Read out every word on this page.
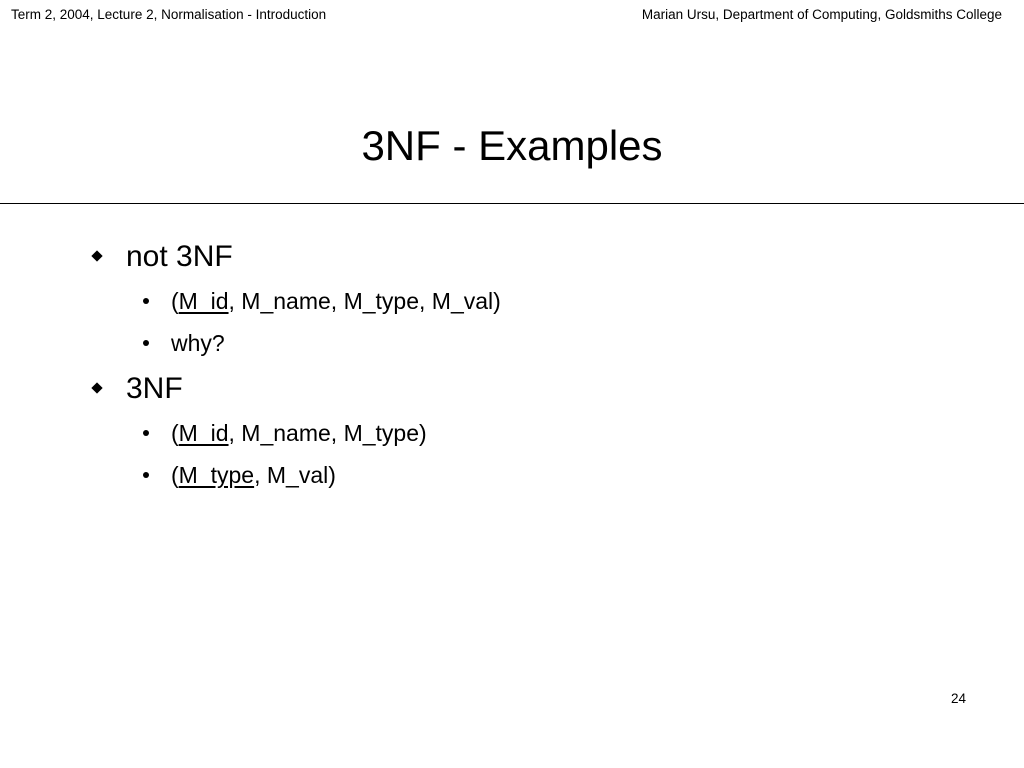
Term 2, 2004, Lecture 2, Normalisation - Introduction	Marian Ursu, Department of Computing, Goldsmiths College
3NF - Examples
not 3NF
(M_id, M_name, M_type, M_val)
why?
3NF
(M_id, M_name, M_type)
(M_type, M_val)
24
